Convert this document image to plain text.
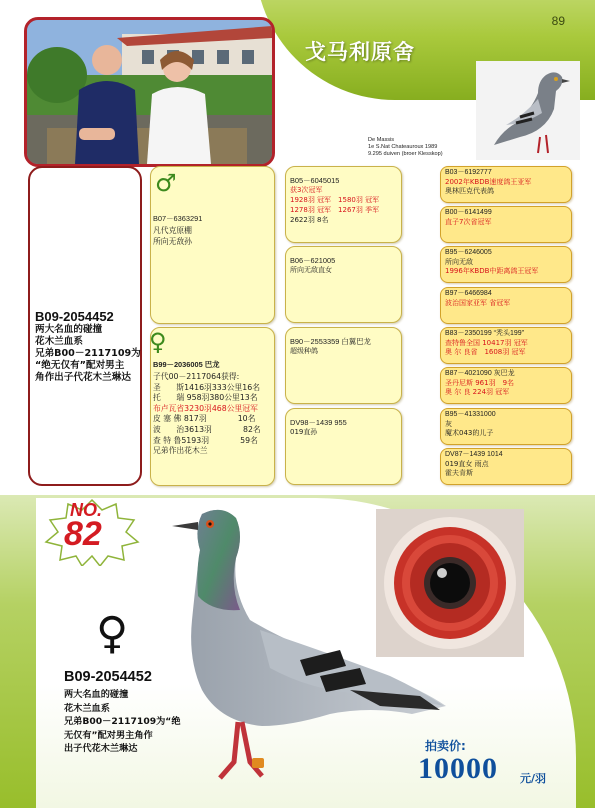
89
戈马利原舍
De Massis
1e S.Nat Chateauroux 1989
9.295 duiven (broer Klesskop)
B09-2054452
两大名血的碰撞
花木兰血系
兄弟B00－2117109为
“绝无仅有”配对男主
角作出子代花木兰琳达
♂
B07－6363291
凡代克原棚
所向无敌孙
♀
B99－2036005 巴龙
子代00－2117064获得:
圣　　斯1416羽333公里16名
托　　瑞 958羽380公里13名
布卢瓦省3230羽468公里冠军
皮 塞 佛 817羽　　　　10名
波　　治3613羽　　　　82名
查 特 鲁5193羽　　　　59名
兄弟作出花木兰
B05－6045015
获3次冠军
1928羽 冠军　1580羽 冠军
1278羽 冠军　1267羽 季军
2622羽 8名
B06－621005
所向无敌直女
B90－2553359 白翼巴龙
超级种鸽
DV98－1439 955
019直孙
B03－6192777
2002年KBDB速度鸽王亚军
奥林匹克代表鸽
B00－6141499
直子7次省冠军
B95－6246005
所向无敌
1996年KBDB中距离鸽王冠军
B97－6466984
波治国家亚军 省冠军
B83－2350199 “秃头199”
查特鲁全国 10417羽 冠军
奥 尔 良省　1608羽 冠军
B87－4021090 灰巴龙
圣丹尼斯 961羽　9名
奥 尔 良 224羽 冠军
B95－41331000
灰
魔术043的儿子
DV87－1439 1014
019直女 雨点
霍夫肯斯
NO.
82
♀
B09-2054452
两大名血的碰撞
花木兰血系
兄弟B00－2117109为“绝
无仅有”配对男主角作
出子代花木兰琳达	拍卖价:
10000 元/羽
